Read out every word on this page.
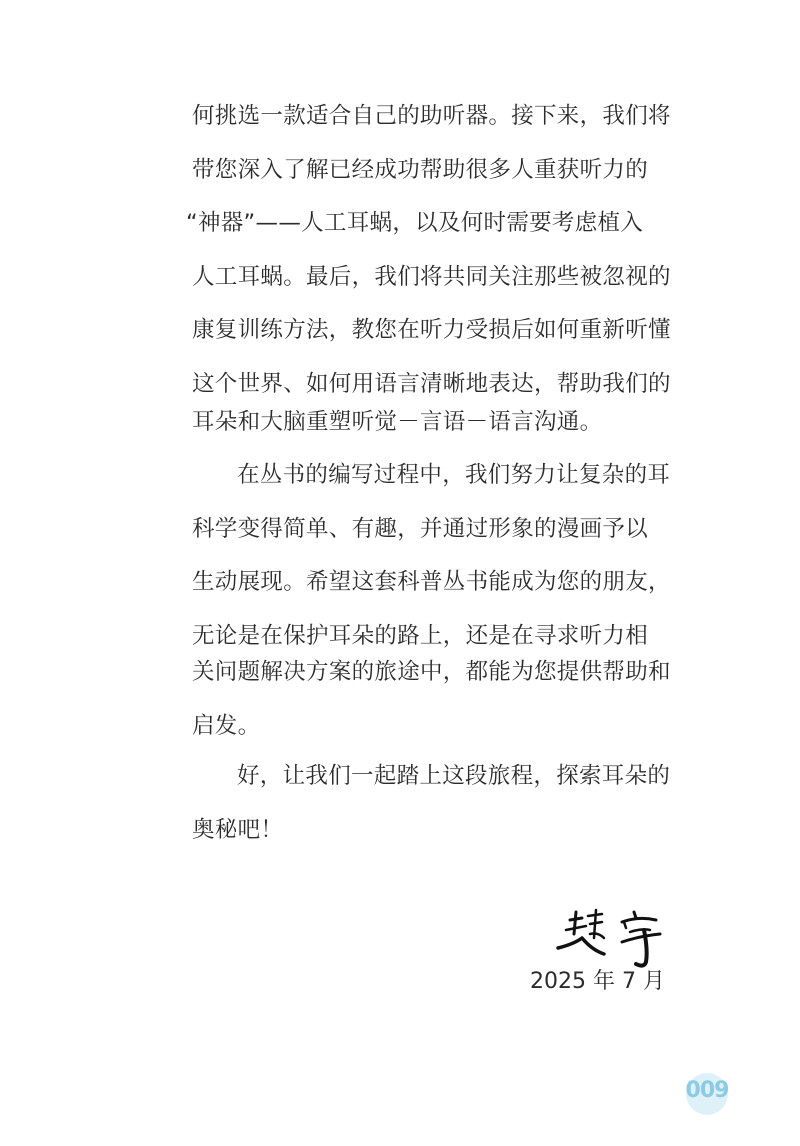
何挑选一款适合自己的助听器。接下来，我们将
带您深入了解已经成功帮助很多人重获听力的
“神器”——人工耳蜗，以及何时需要考虑植入
人工耳蜗。最后，我们将共同关注那些被忽视的
康复训练方法，教您在听力受损后如何重新听懂
这个世界、如何用语言清晰地表达，帮助我们的
耳朵和大脑重塑听觉－言语－语言沟通。
在丛书的编写过程中，我们努力让复杂的耳
科学变得简单、有趣，并通过形象的漫画予以
生动展现。希望这套科普丛书能成为您的朋友，
无论是在保护耳朵的路上，还是在寻求听力相
关问题解决方案的旅途中，都能为您提供帮助和
启发。
好，让我们一起踏上这段旅程，探索耳朵的
奥秘吧！
2025 年 7 月
009
